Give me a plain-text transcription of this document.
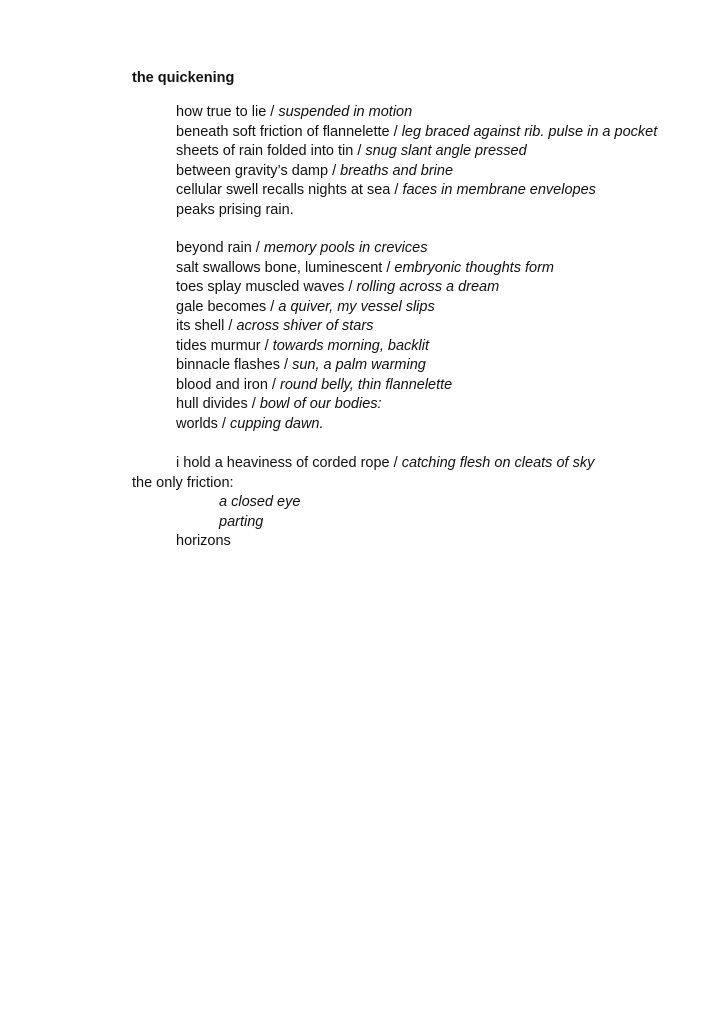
the quickening
how true to lie / suspended in motion
beneath soft friction of flannelette / leg braced against rib. pulse in a pocket
sheets of rain folded into tin / snug slant angle pressed
between gravity’s damp / breaths and brine
cellular swell recalls nights at sea / faces in membrane envelopes
peaks prising rain.
beyond rain / memory pools in crevices
salt swallows bone, luminescent / embryonic thoughts form
toes splay muscled waves / rolling across a dream
gale becomes / a quiver, my vessel slips
its shell / across shiver of stars
tides murmur / towards morning, backlit
binnacle flashes / sun, a palm warming
blood and iron / round belly, thin flannelette
hull divides / bowl of our bodies:
worlds / cupping dawn.
i hold a heaviness of corded rope / catching flesh on cleats of sky
the only friction:
a closed eye
parting
horizons
